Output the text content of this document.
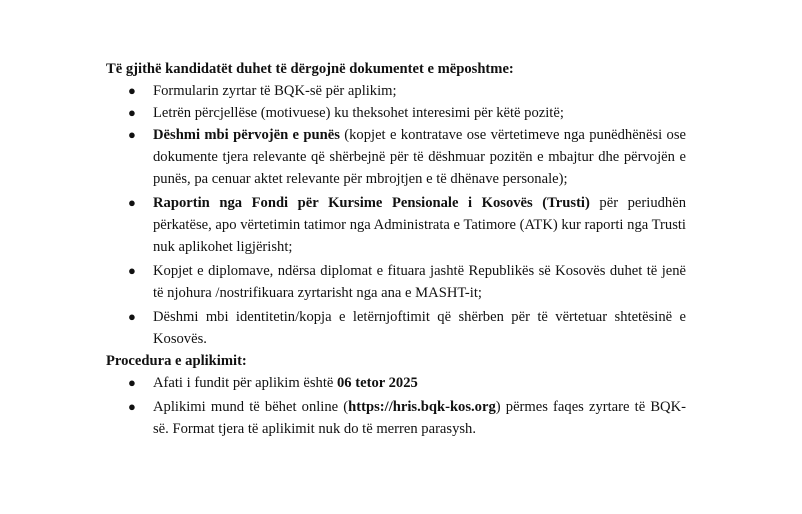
Të gjithë kandidatët duhet të dërgojnë dokumentet e mëposhtme:

● Formularin zyrtar të BQK-së për aplikim;
● Letrën përcjellëse (motivuese) ku theksohet interesimi për këtë pozitë;
● Dëshmi mbi përvojën e punës (kopjet e kontratave ose vërtetimeve nga punëdhënësi ose dokumente tjera relevante që shërbejnë për të dëshmuar pozitën e mbajtur dhe përvojën e punës, pa cenuar aktet relevante për mbrojtjen e të dhënave personale);
● Raportin nga Fondi për Kursime Pensionale i Kosovës (Trusti) për periudhën përkatëse, apo vërtetimin tatimor nga Administrata e Tatimore (ATK) kur raporti nga Trusti nuk aplikohet ligjërisht;
● Kopjet e diplomave, ndërsa diplomat e fituara jashtë Republikës së Kosovës duhet të jenë të njohura /nostrifikuara zyrtarisht nga ana e MASHT-it;
● Dëshmi mbi identitetin/kopja e letërnjoftimit që shërben për të vërtetuar shtetësinë e Kosovës.

Procedura e aplikimit:

● Afati i fundit për aplikim është 06 tetor 2025
● Aplikimi mund të bëhet online (https://hris.bqk-kos.org) përmes faqes zyrtare të BQK-së. Format tjera të aplikimit nuk do të merren parasysh.
